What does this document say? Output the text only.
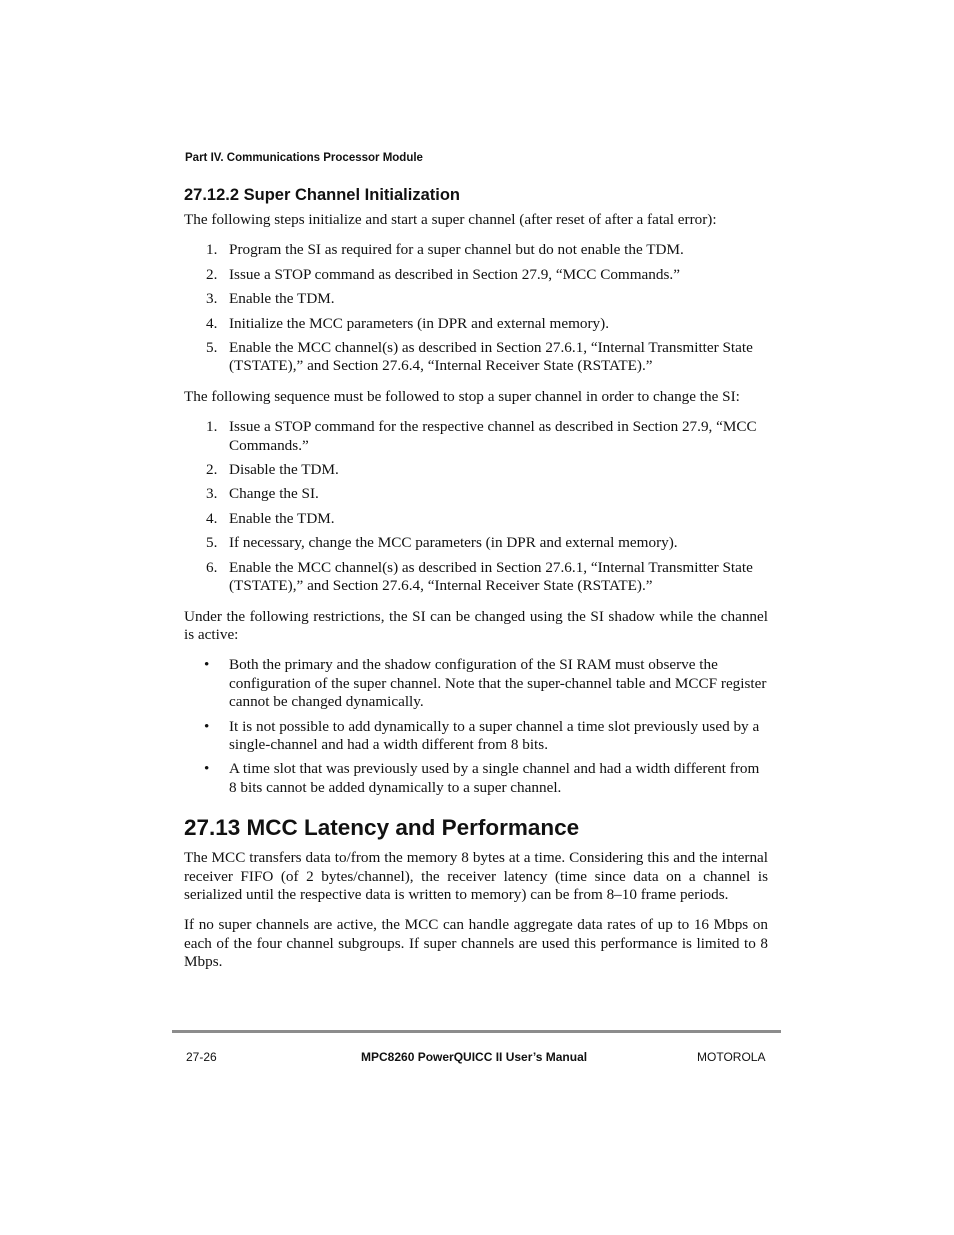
Part IV. Communications Processor Module
27.12.2 Super Channel Initialization

The following steps initialize and start a super channel (after reset of after a fatal error):

1. Program the SI as required for a super channel but do not enable the TDM.
2. Issue a STOP command as described in Section 27.9, “MCC Commands.”
3. Enable the TDM.
4. Initialize the MCC parameters (in DPR and external memory).
5. Enable the MCC channel(s) as described in Section 27.6.1, “Internal Transmitter State (TSTATE),” and Section 27.6.4, “Internal Receiver State (RSTATE).”

The following sequence must be followed to stop a super channel in order to change the SI:

1. Issue a STOP command for the respective channel as described in Section 27.9, “MCC Commands.”
2. Disable the TDM.
3. Change the SI.
4. Enable the TDM.
5. If necessary, change the MCC parameters (in DPR and external memory).
6. Enable the MCC channel(s) as described in Section 27.6.1, “Internal Transmitter State (TSTATE),” and Section 27.6.4, “Internal Receiver State (RSTATE).”

Under the following restrictions, the SI can be changed using the SI shadow while the channel is active:

• Both the primary and the shadow configuration of the SI RAM must observe the configuration of the super channel. Note that the super-channel table and MCCF register cannot be changed dynamically.
• It is not possible to add dynamically to a super channel a time slot previously used by a single-channel and had a width different from 8 bits.
• A time slot that was previously used by a single channel and had a width different from 8 bits cannot be added dynamically to a super channel.
27.13 MCC Latency and Performance

The MCC transfers data to/from the memory 8 bytes at a time. Considering this and the internal receiver FIFO (of 2 bytes/channel), the receiver latency (time since data on a channel is serialized until the respective data is written to memory) can be from 8–10 frame periods.

If no super channels are active, the MCC can handle aggregate data rates of up to 16 Mbps on each of the four channel subgroups. If super channels are used this performance is limited to 8 Mbps.

27-26	MPC8260 PowerQUICC II User’s Manual	MOTOROLA
